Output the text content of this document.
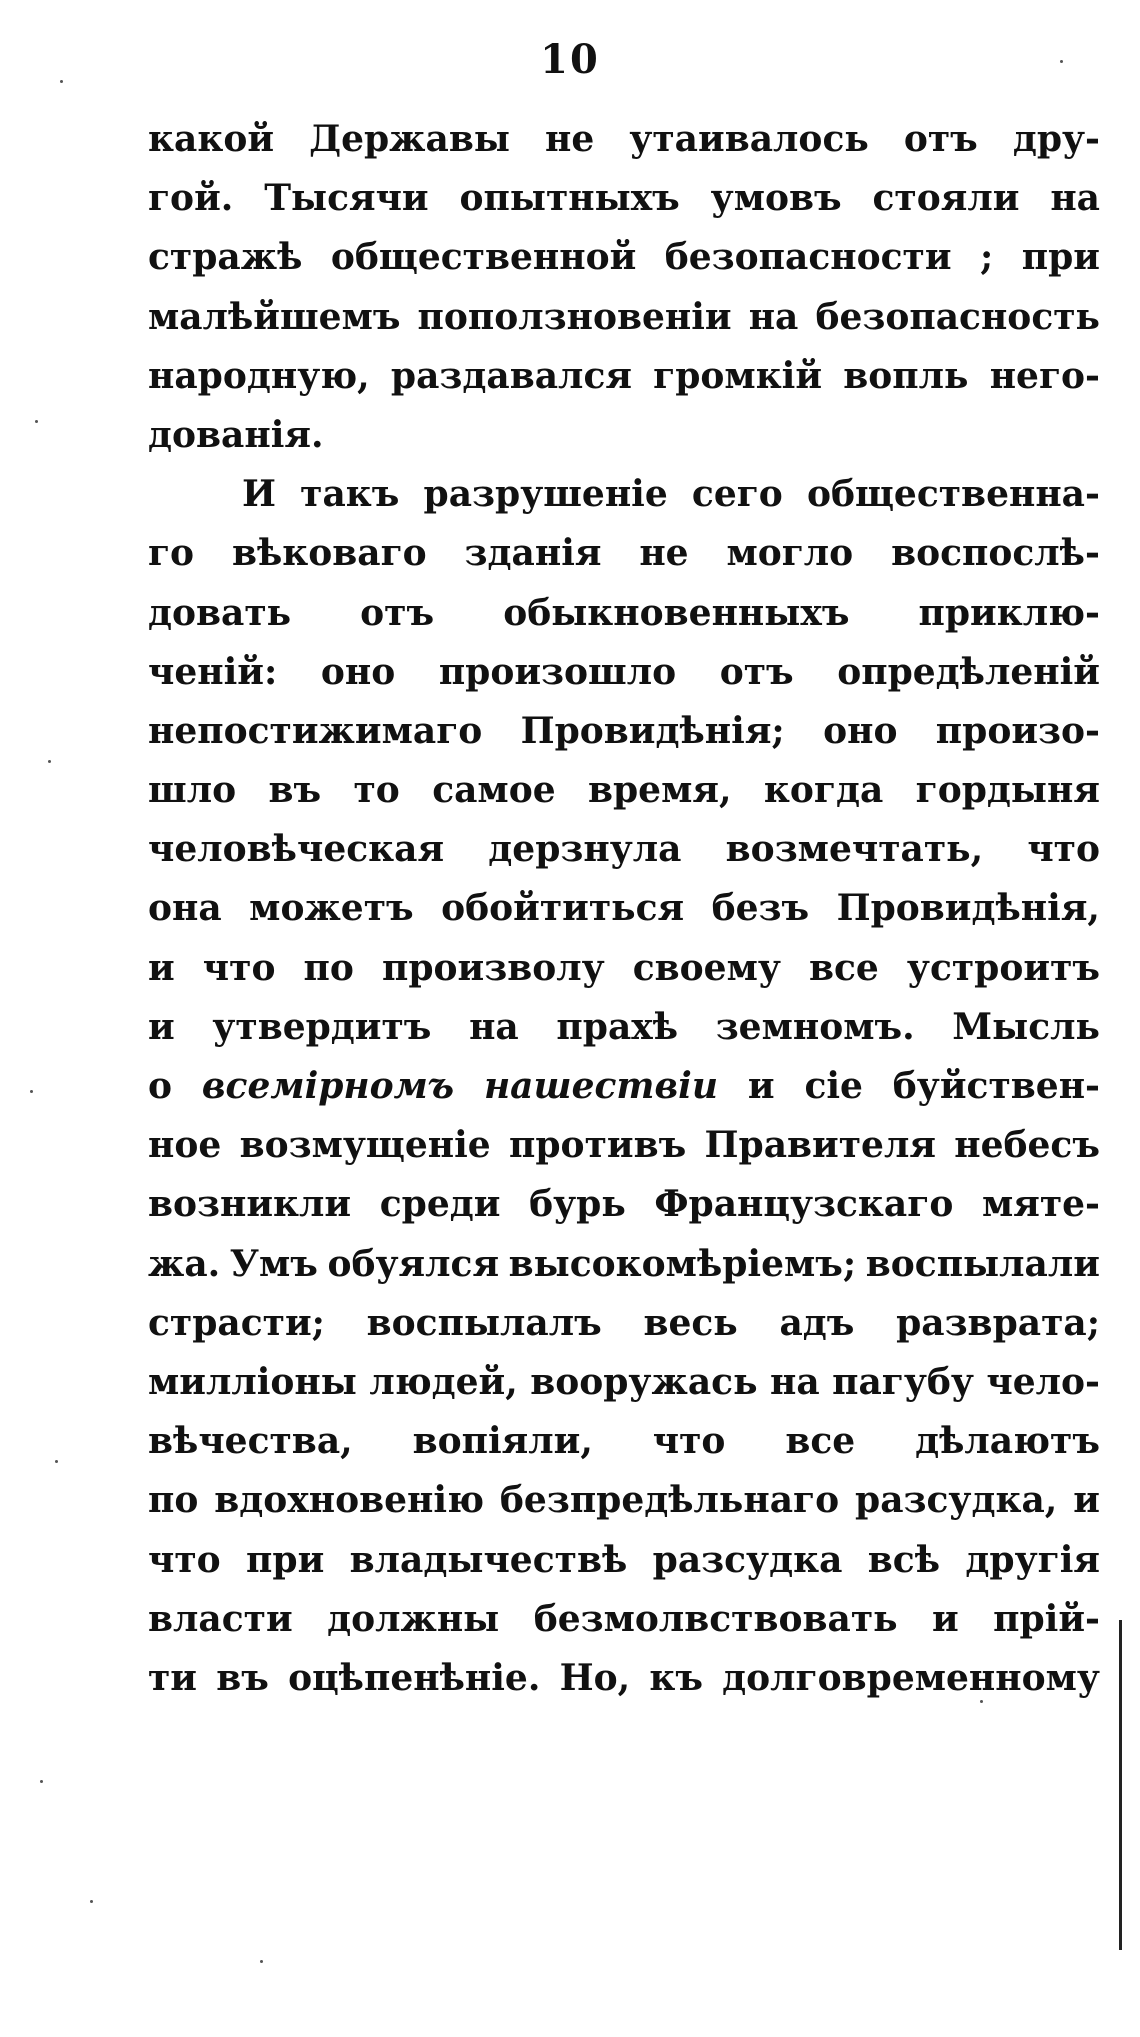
10
какой Державы не утаивалось отъ дру-
гой. Тысячи опытныхъ умовъ стояли на
стражѣ общественной безопасности ; при
малѣйшемъ поползновеніи на безопасность
народную, раздавался громкій вопль него-
дованія.
И такъ разрушеніе сего общественна-
го вѣковаго зданія не могло воспослѣ-
довать отъ обыкновенныхъ приклю-
ченій: оно произошло отъ опредѣленій
непостижимаго Провидѣнія; оно произо-
шло въ то самое время, когда гордыня
человѣческая дерзнула возмечтать, что
она можетъ обойтиться безъ Провидѣнія,
и что по произволу своему все устроитъ
и утвердитъ на прахѣ земномъ. Мысль
о всемірномъ нашествіи и сіе буйствен-
ное возмущеніе противъ Правителя небесъ
возникли среди бурь Французскаго мяте-
жа. Умъ обуялся высокомѣріемъ; воспылали
страсти; воспылалъ весь адъ разврата;
милліоны людей, вооружась на пагубу чело-
вѣчества, вопіяли, что все дѣлаютъ
по вдохновенію безпредѣльнаго разсудка, и
что при владычествѣ разсудка всѣ другія
власти должны безмолвствовать и прій-
ти въ оцѣпенѣніе. Но, къ долговременному
